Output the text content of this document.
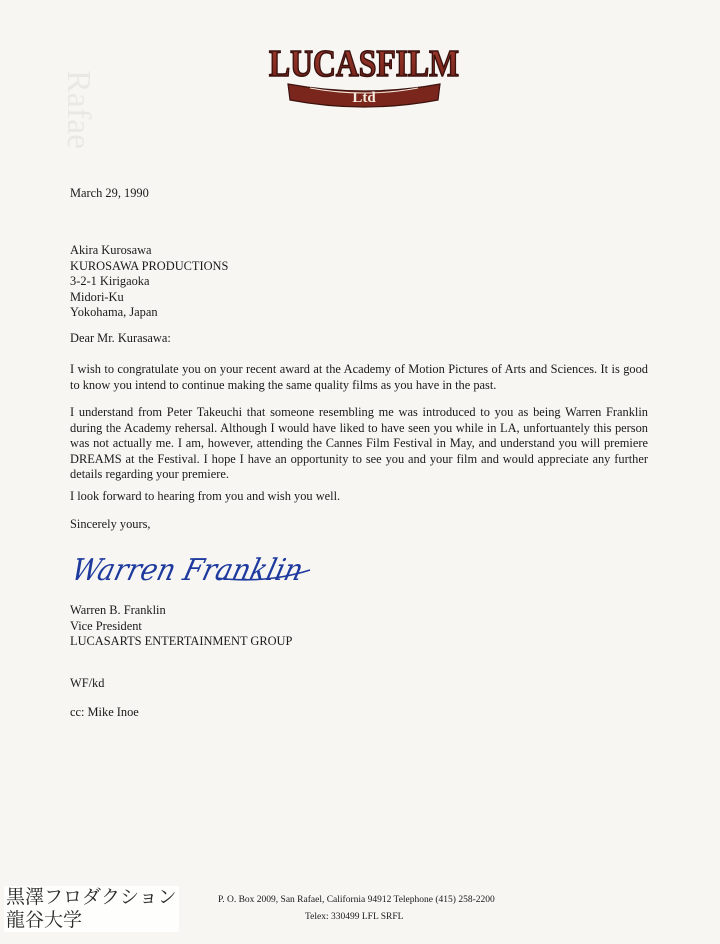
Rafae
LUCASFILM
Ltd
March 29, 1990
Akira Kurosawa
KUROSAWA PRODUCTIONS
3-2-1 Kirigaoka
Midori-Ku
Yokohama, Japan
Dear Mr. Kurasawa:
I wish to congratulate you on your recent award at the Academy of Motion Pictures of Arts and Sciences. It is good to know you intend to continue making the same quality films as you have in the past.
I understand from Peter Takeuchi that someone resembling me was introduced to you as being Warren Franklin during the Academy rehersal. Although I would have liked to have seen you while in LA, unfortuantely this person was not actually me. I am, however, attending the Cannes Film Festival in May, and understand you will premiere DREAMS at the Festival. I hope I have an opportunity to see you and your film and would appreciate any further details regarding your premiere.
I look forward to hearing from you and wish you well.
Sincerely yours,
Warren Franklin
Warren B. Franklin
Vice President
LUCASARTS ENTERTAINMENT GROUP
WF/kd
cc: Mike Inoe
P. O. Box 2009, San Rafael, California 94912 Telephone (415) 258-2200
Telex: 330499 LFL SRFL
黒澤フロダクション
龍谷大学
